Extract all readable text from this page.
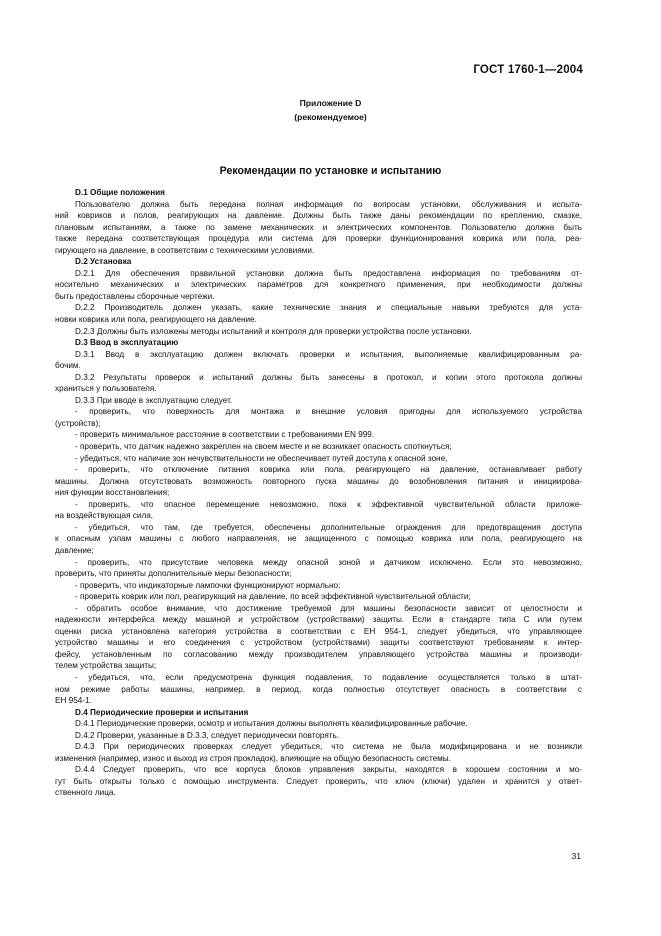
ГОСТ 1760-1—2004
Приложение D
(рекомендуемое)
Рекомендации по установке и испытанию

D.1 Общие положения

Пользователю должна быть передана полная информация по вопросам установки, обслуживания и испыта-

ний ковриков и полов, реагирующих на давление. Должны быть также даны рекомендации по креплению, смазке,

плановым испытаниям, а также по замене механических и электрических компонентов. Пользователю должна быть

также передана соответствующая процедура или система для проверки функционирования коврика или пола, реа-

гирующего на давление, в соответствии с техническими условиями.

D.2 Установка

D.2.1 Для обеспечения правильной установки должна быть предоставлена информация по требованиям от-

носительно механических и электрических параметров для конкретного применения, при необходимости должны

быть предоставлены сборочные чертежи.

D.2.2 Производитель должен указать, какие технические знания и специальные навыки требуются для уста-

новки коврика или пола, реагирующего на давление.

D.2.3 Должны быть изложены методы испытаний и контроля для проверки устройства после установки.

D.3 Ввод в эксплуатацию

D.3.1 Ввод в эксплуатацию должен включать проверки и испытания, выполняемые квалифицированным ра-

бочим.

D.3.2 Результаты проверок и испытаний должны быть занесены в протокол, и копии этого протокола должны

храниться у пользователя.

D.3.3 При вводе в эксплуатацию следует.

- проверить, что поверхность для монтажа и внешние условия пригодны для используемого устройства

(устройств);

- проверить минимальное расстояние в соответствии с требованиями EN 999.

- проверить, что датчик надежно закреплен на своем месте и не возникает опасность споткнуться;

- убедиться, что наличие зон нечувствительности не обеспечивает путей доступа к опасной зоне,

- проверить, что отключение питания коврика или пола, реагирующего на давление, останавливает работу

машины. Должна отсутствовать возможность повторного пуска машины до возобновления питания и инициирова-

ния функции восстановления;

- проверить, что опасное перемещение невозможно, пока к эффективной чувствительной области приложе-

на воздействующая сила,

- убедиться, что там, где требуется, обеспечены дополнительные ограждения для предотвращения доступа

к опасным узлам машины с любого направления, не защищенного с помощью коврика или пола, реагирующего на

давление;

- проверить, что присутствие человека между опасной зоной и датчиком исключено. Если это невозможно,

проверить, что приняты дополнительные меры безопасности;

- проверить, что индикаторные лампочки функционируют нормально;

- проверить коврик или пол, реагирующий на давление, по всей эффективной чувствительной области;

- обратить особое внимание, что достижение требуемой для машины безопасности зависит от целостности и

надежности интерфейса между машиной и устройством (устройствами) защиты. Если в стандарте типа С или путем

оценки риска установлена категория устройства в соответствии с ЕН 954-1, следует убедиться, что управляющее

устройство машины и его соединения с устройством (устройствами) защиты соответствуют требованиям к интер-

фейсу, установленным по согласованию между производителем управляющего устройства машины и производи-

телем устройства защиты;

- убедиться, что, если предусмотрена функция подавления, то подавление осуществляется только в штат-

ном режиме работы машины, например, в период, когда полностью отсутствует опасность в соответствии с

ЕН 954-1.

D.4 Периодические проверки и испытания

D.4.1 Периодические проверки, осмотр и испытания должны выполнять квалифицированные рабочие.

D.4.2 Проверки, указанные в D.3.3, следует периодически повторять.

D.4.3 При периодических проверках следует убедиться, что система не была модифицирована и не возникли

изменения (например, износ и выход из строя прокладок), влияющие на общую безопасность системы.

D.4.4 Следует проверить, что все корпуса блоков управления закрыты, находятся в хорошем состоянии и мо-

гут быть открыты только с помощью инструмента. Следует проверить, что ключ (ключи) удален и хранится у ответ-

ственного лица.

31
